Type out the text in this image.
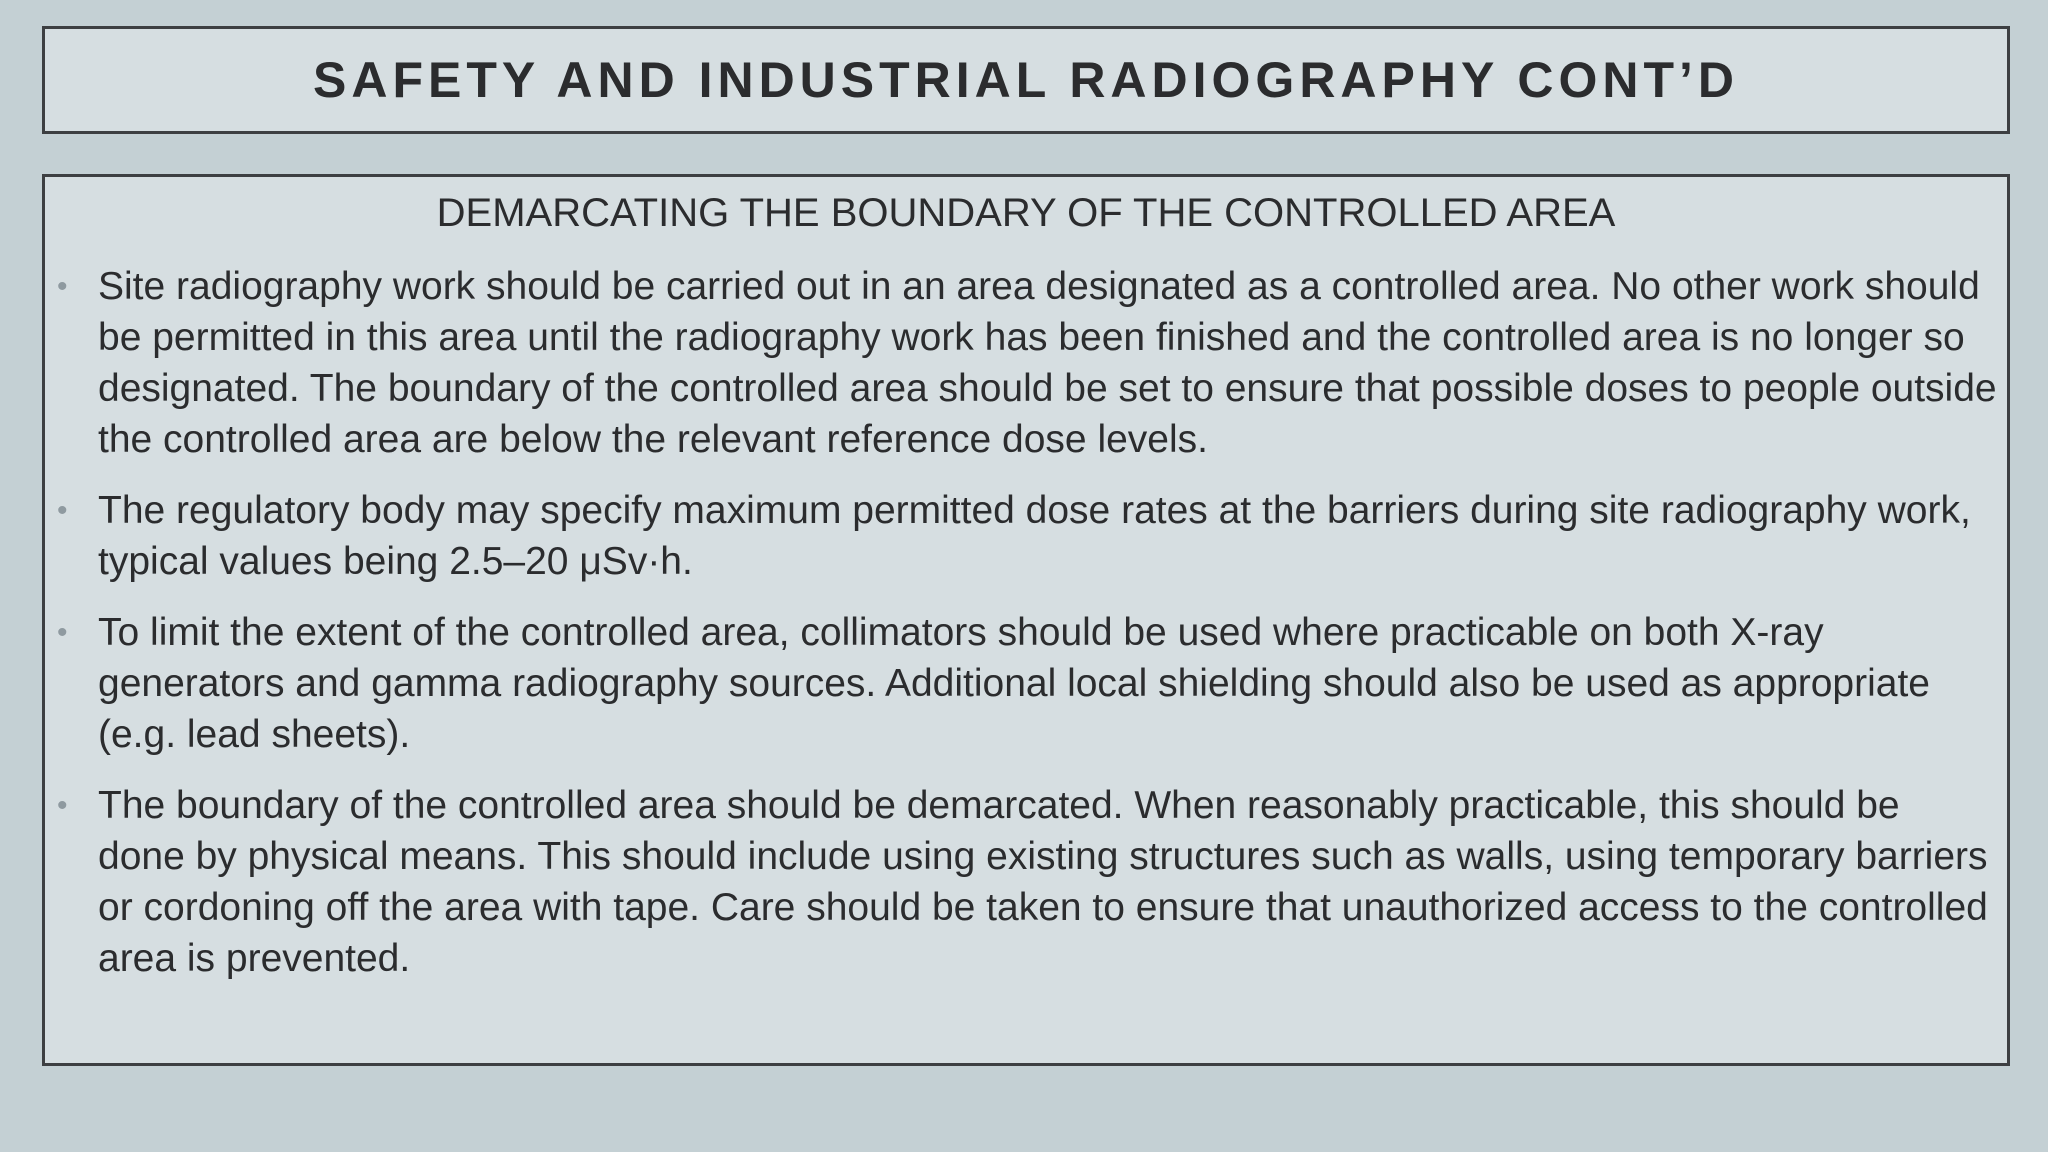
SAFETY AND INDUSTRIAL RADIOGRAPHY CONT’D
DEMARCATING THE BOUNDARY OF THE CONTROLLED AREA
• Site radiography work should be carried out in an area designated as a controlled area. No other work should be permitted in this area until the radiography work has been finished and the controlled area is no longer so designated. The boundary of the controlled area should be set to ensure that possible doses to people outside the controlled area are below the relevant reference dose levels.
• The regulatory body may specify maximum permitted dose rates at the barriers during site radiography work, typical values being 2.5–20 μSv·h.
• To limit the extent of the controlled area, collimators should be used where practicable on both X-ray generators and gamma radiography sources. Additional local shielding should also be used as appropriate (e.g. lead sheets).
• The boundary of the controlled area should be demarcated. When reasonably practicable, this should be done by physical means. This should include using existing structures such as walls, using temporary barriers or cordoning off the area with tape. Care should be taken to ensure that unauthorized access to the controlled area is prevented.
